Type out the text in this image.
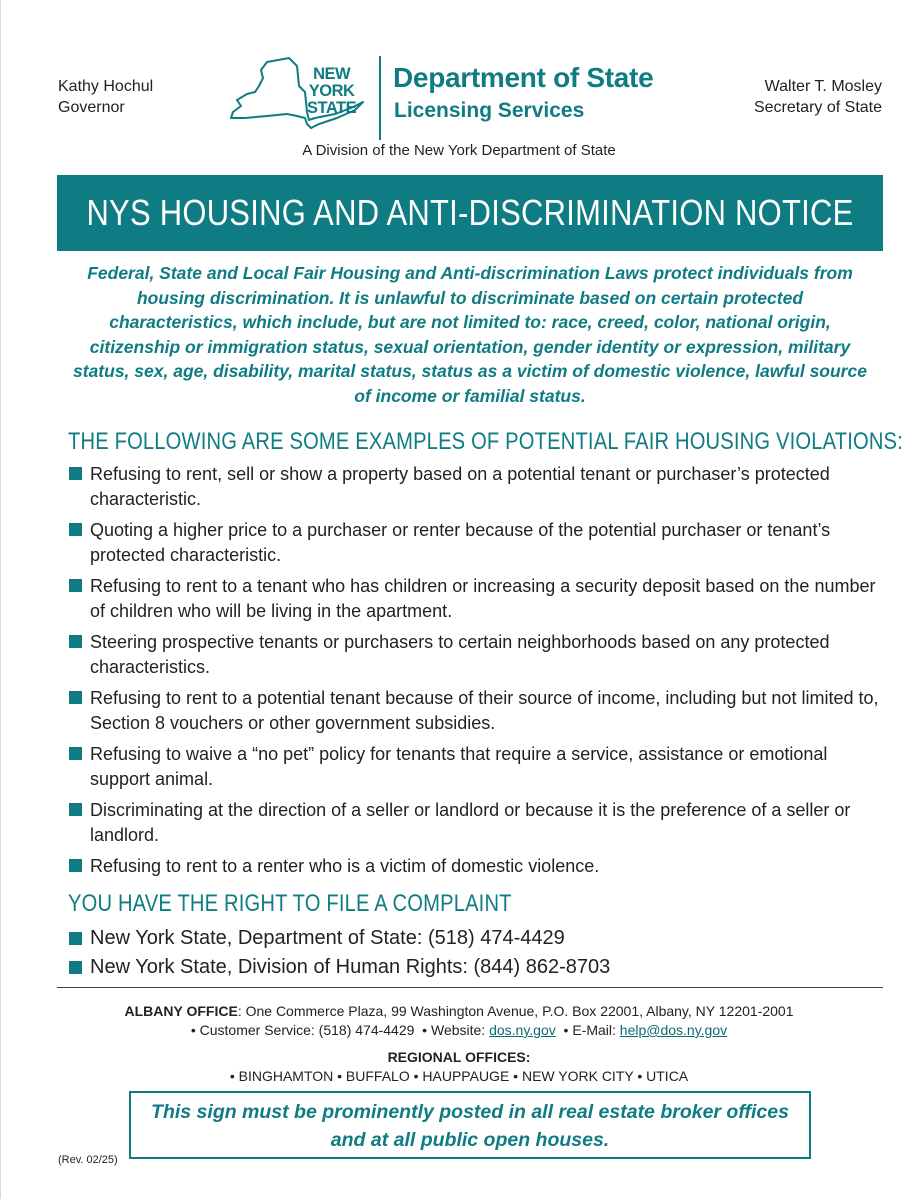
Kathy Hochul
Governor
Walter T. Mosley
Secretary of State
NEW
YORK
STATE
Department of State
Licensing Services
A Division of the New York Department of State
NYS HOUSING AND ANTI-DISCRIMINATION NOTICE
Federal, State and Local Fair Housing and Anti-discrimination Laws protect individuals from housing discrimination. It is unlawful to discriminate based on certain protected characteristics, which include, but are not limited to: race, creed, color, national origin, citizenship or immigration status, sexual orientation, gender identity or expression, military status, sex, age, disability, marital status, status as a victim of domestic violence, lawful source of income or familial status.
THE FOLLOWING ARE SOME EXAMPLES OF POTENTIAL FAIR HOUSING VIOLATIONS:
Refusing to rent, sell or show a property based on a potential tenant or purchaser’s protected characteristic.
Quoting a higher price to a purchaser or renter because of the potential purchaser or tenant’s protected characteristic.
Refusing to rent to a tenant who has children or increasing a security deposit based on the number of children who will be living in the apartment.
Steering prospective tenants or purchasers to certain neighborhoods based on any protected characteristics.
Refusing to rent to a potential tenant because of their source of income, including but not limited to, Section 8 vouchers or other government subsidies.
Refusing to waive a “no pet” policy for tenants that require a service, assistance or emotional support animal.
Discriminating at the direction of a seller or landlord or because it is the preference of a seller or landlord.
Refusing to rent to a renter who is a victim of domestic violence.
YOU HAVE THE RIGHT TO FILE A COMPLAINT
New York State, Department of State: (518) 474-4429
New York State, Division of Human Rights: (844) 862-8703
ALBANY OFFICE: One Commerce Plaza, 99 Washington Avenue, P.O. Box 22001, Albany, NY 12201-2001
• Customer Service: (518) 474-4429  • Website: dos.ny.gov  • E-Mail: help@dos.ny.gov
REGIONAL OFFICES:
• BINGHAMTON • BUFFALO • HAUPPAUGE • NEW YORK CITY • UTICA
This sign must be prominently posted in all real estate broker offices
and at all public open houses.
(Rev. 02/25)
